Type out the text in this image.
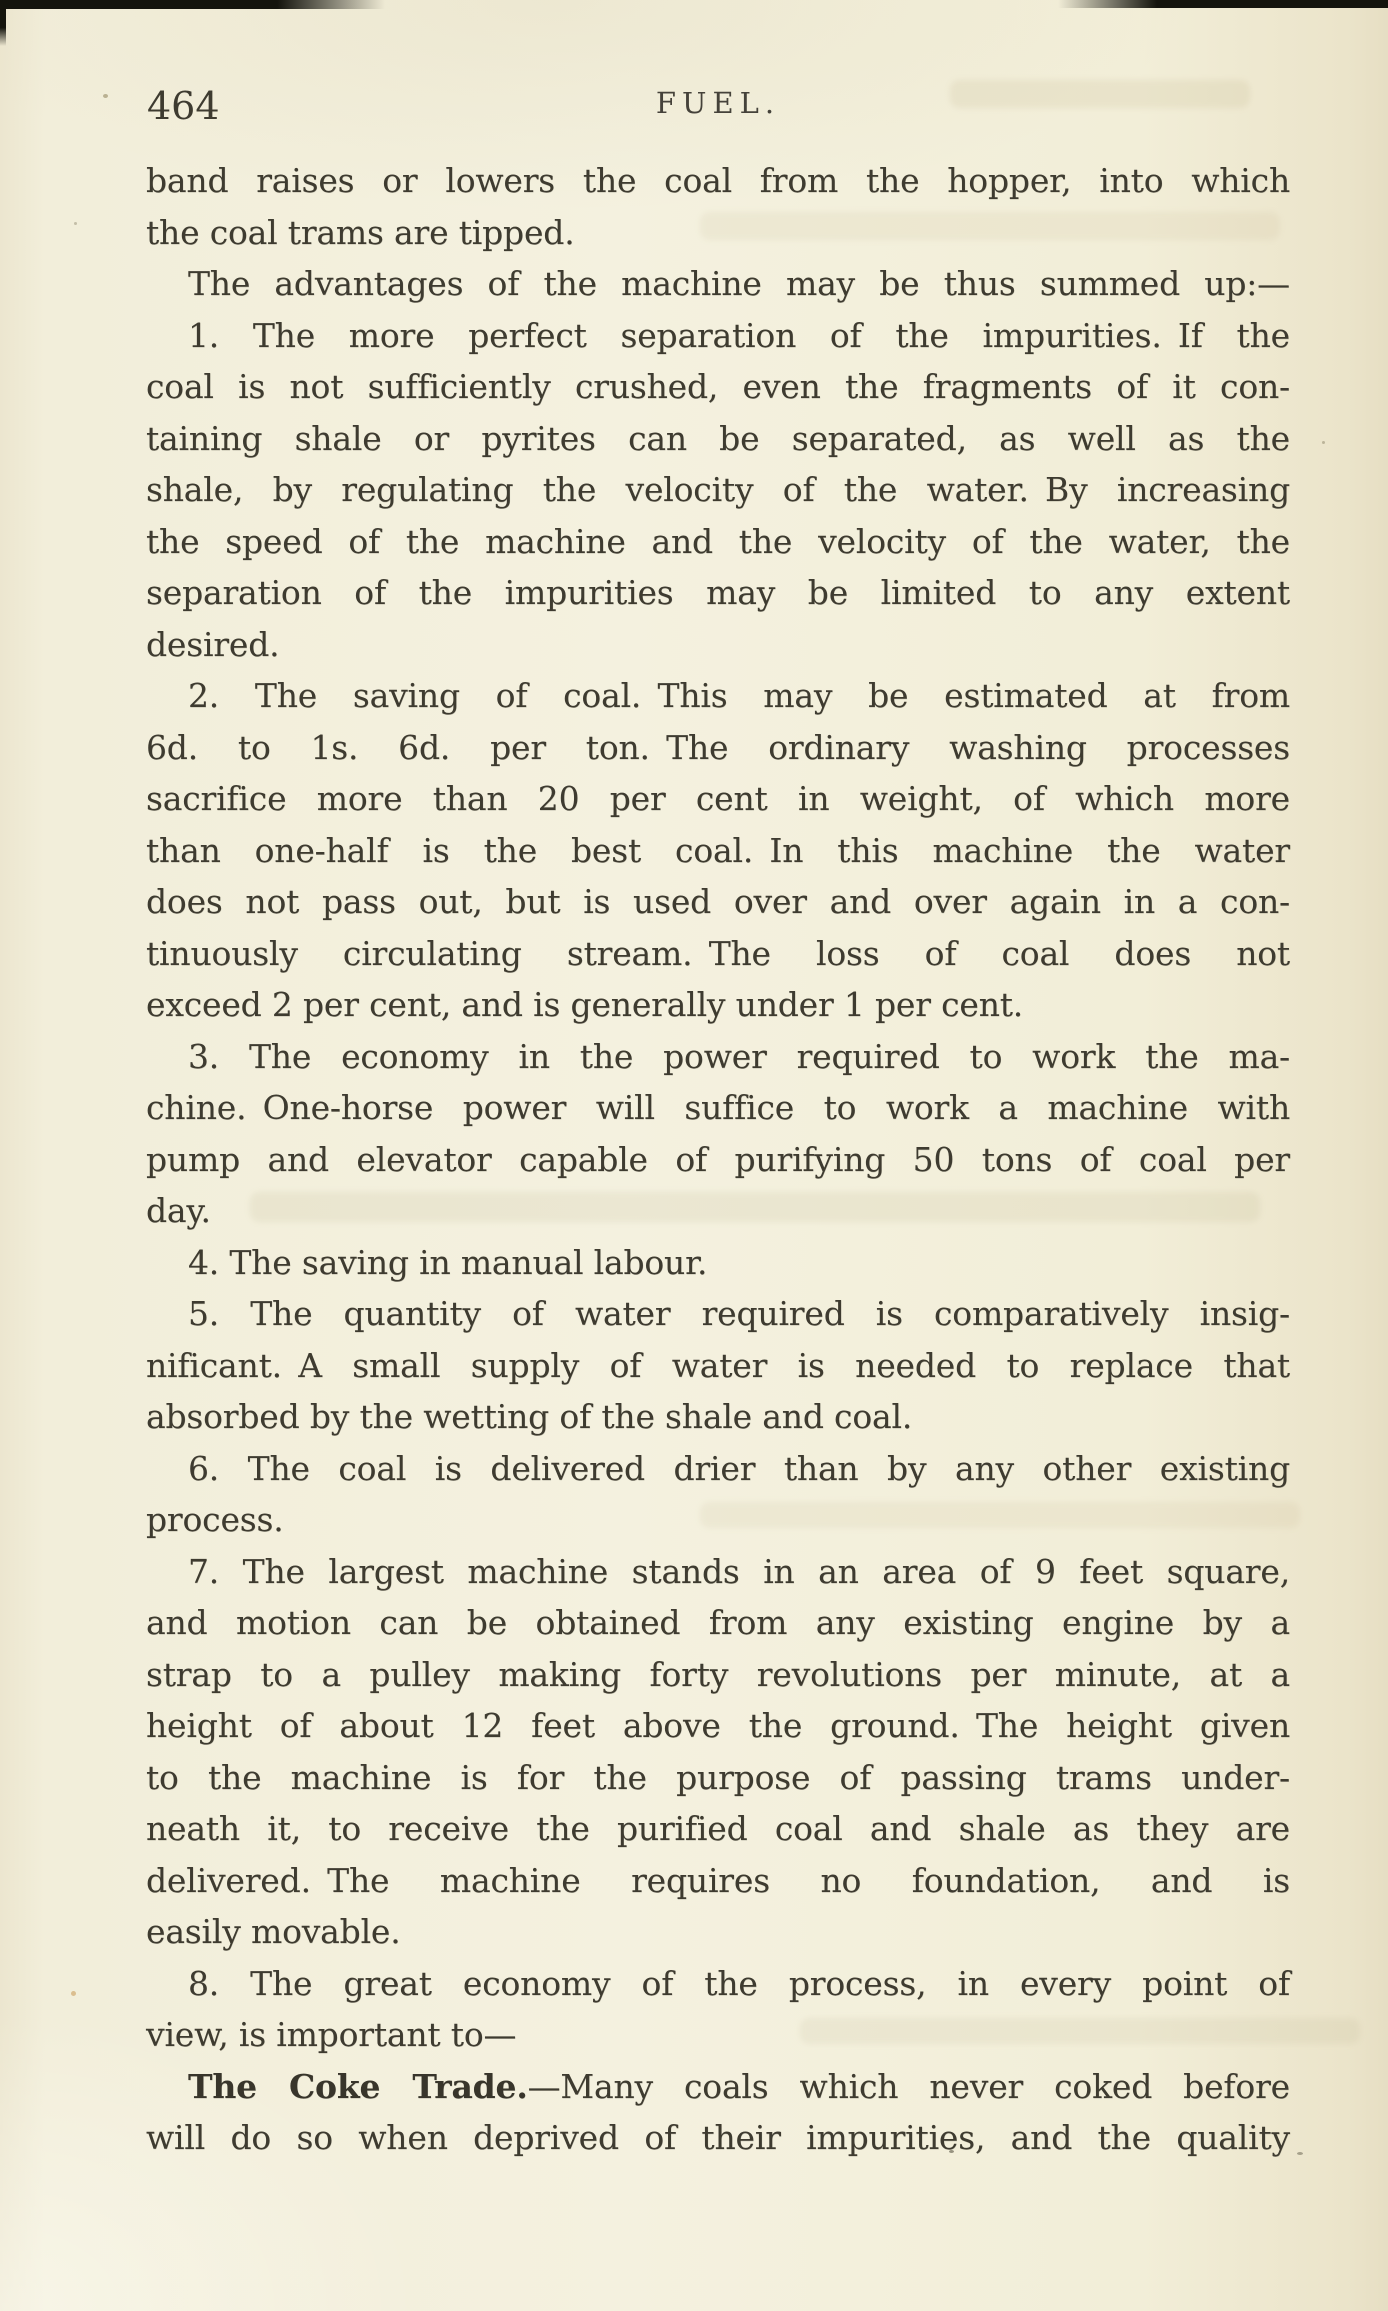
464	FUEL.

band raises or lowers the coal from the hopper, into which
the coal trams are tipped.

The advantages of the machine may be thus summed up:—

1. The more perfect separation of the impurities. If the
coal is not sufficiently crushed, even the fragments of it con-
taining shale or pyrites can be separated, as well as the
shale, by regulating the velocity of the water. By increasing
the speed of the machine and the velocity of the water, the
separation of the impurities may be limited to any extent
desired.

2. The saving of coal. This may be estimated at from
6d. to 1s. 6d. per ton. The ordinary washing processes
sacrifice more than 20 per cent in weight, of which more
than one-half is the best coal. In this machine the water
does not pass out, but is used over and over again in a con-
tinuously circulating stream. The loss of coal does not
exceed 2 per cent, and is generally under 1 per cent.

3. The economy in the power required to work the ma-
chine. One-horse power will suffice to work a machine with
pump and elevator capable of purifying 50 tons of coal per
day.

4. The saving in manual labour.

5. The quantity of water required is comparatively insig-
nificant. A small supply of water is needed to replace that
absorbed by the wetting of the shale and coal.

6. The coal is delivered drier than by any other existing
process.

7. The largest machine stands in an area of 9 feet square,
and motion can be obtained from any existing engine by a
strap to a pulley making forty revolutions per minute, at a
height of about 12 feet above the ground. The height given
to the machine is for the purpose of passing trams under-
neath it, to receive the purified coal and shale as they are
delivered. The machine requires no foundation, and is
easily movable.

8. The great economy of the process, in every point of
view, is important to—

The Coke Trade.—Many coals which never coked before
will do so when deprived of their impurities, and the quality
